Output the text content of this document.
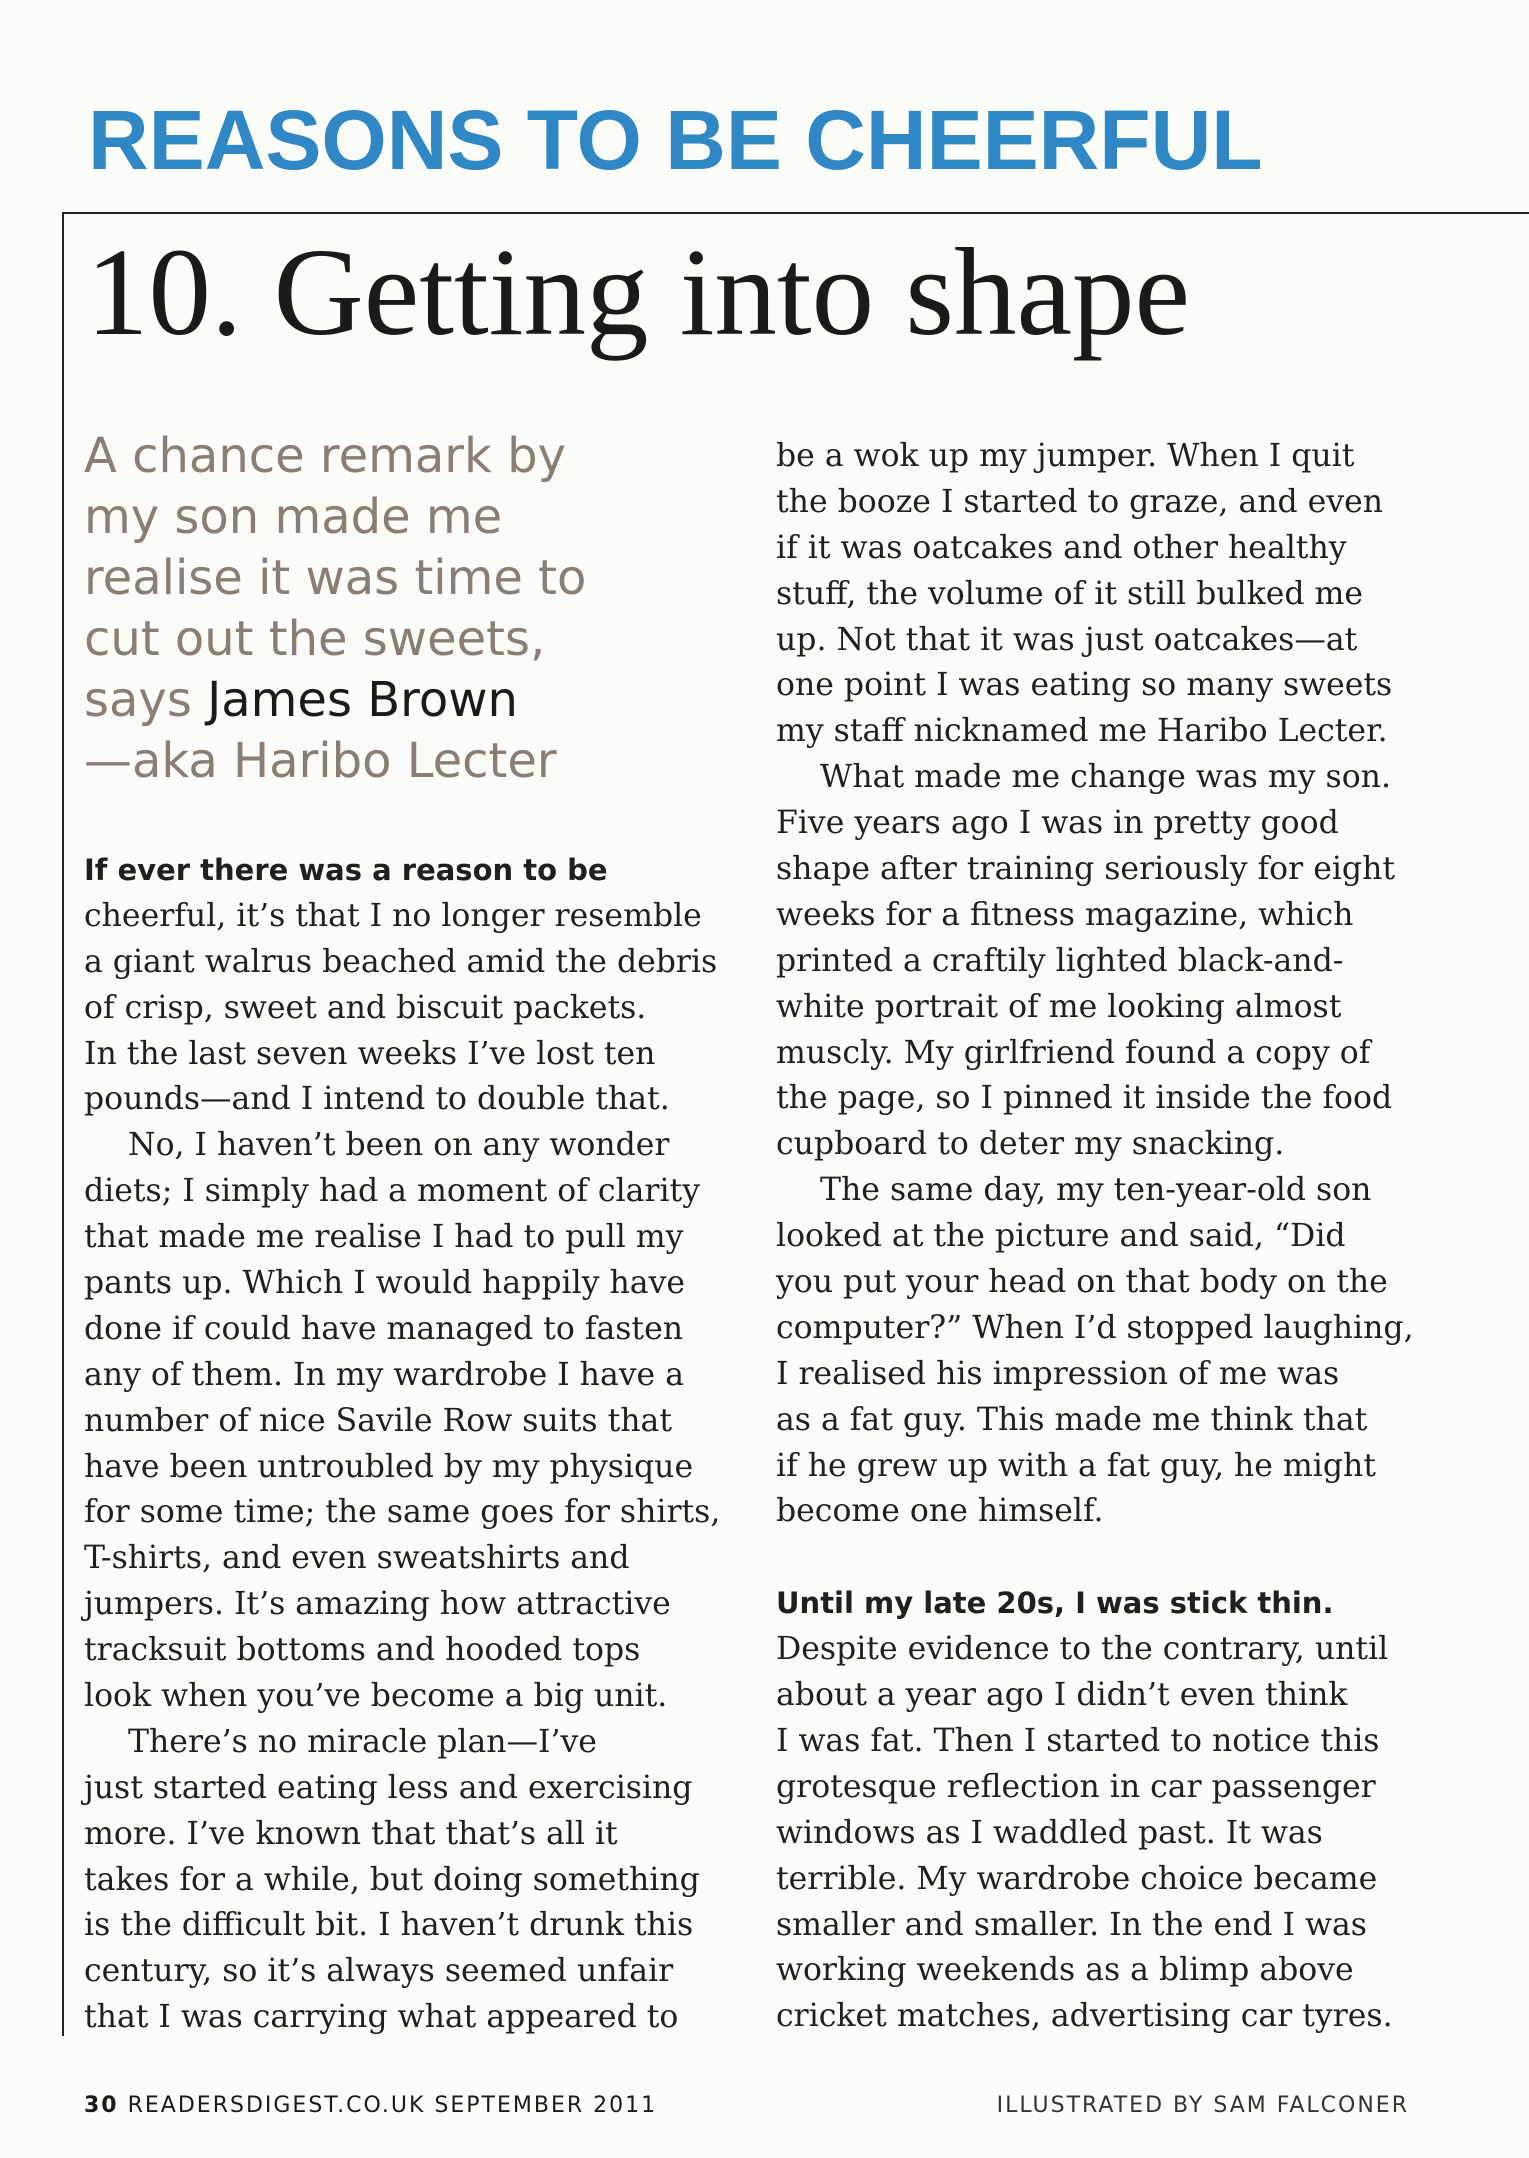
REASONS TO BE CHEERFUL
10. Getting into shape
A chance remark by
my son made me
realise it was time to
cut out the sweets,
says James Brown
—aka Haribo Lecter
If ever there was a reason to be
cheerful, it’s that I no longer resemble
a giant walrus beached amid the debris
of crisp, sweet and biscuit packets.
In the last seven weeks I’ve lost ten
pounds—and I intend to double that.
No, I haven’t been on any wonder
diets; I simply had a moment of clarity
that made me realise I had to pull my
pants up. Which I would happily have
done if could have managed to fasten
any of them. In my wardrobe I have a
number of nice Savile Row suits that
have been untroubled by my physique
for some time; the same goes for shirts,
T-shirts, and even sweatshirts and
jumpers. It’s amazing how attractive
tracksuit bottoms and hooded tops
look when you’ve become a big unit.
There’s no miracle plan—I’ve
just started eating less and exercising
more. I’ve known that that’s all it
takes for a while, but doing something
is the difficult bit. I haven’t drunk this
century, so it’s always seemed unfair
that I was carrying what appeared to
be a wok up my jumper. When I quit
the booze I started to graze, and even
if it was oatcakes and other healthy
stuff, the volume of it still bulked me
up. Not that it was just oatcakes—at
one point I was eating so many sweets
my staff nicknamed me Haribo Lecter.
What made me change was my son.
Five years ago I was in pretty good
shape after training seriously for eight
weeks for a fitness magazine, which
printed a craftily lighted black-and-
white portrait of me looking almost
muscly. My girlfriend found a copy of
the page, so I pinned it inside the food
cupboard to deter my snacking.
The same day, my ten-year-old son
looked at the picture and said, “Did
you put your head on that body on the
computer?” When I’d stopped laughing,
I realised his impression of me was
as a fat guy. This made me think that
if he grew up with a fat guy, he might
become one himself.
Until my late 20s, I was stick thin.
Despite evidence to the contrary, until
about a year ago I didn’t even think
I was fat. Then I started to notice this
grotesque reflection in car passenger
windows as I waddled past. It was
terrible. My wardrobe choice became
smaller and smaller. In the end I was
working weekends as a blimp above
cricket matches, advertising car tyres.
30 READERSDIGEST.CO.UK SEPTEMBER 2011	ILLUSTRATED BY SAM FALCONER
